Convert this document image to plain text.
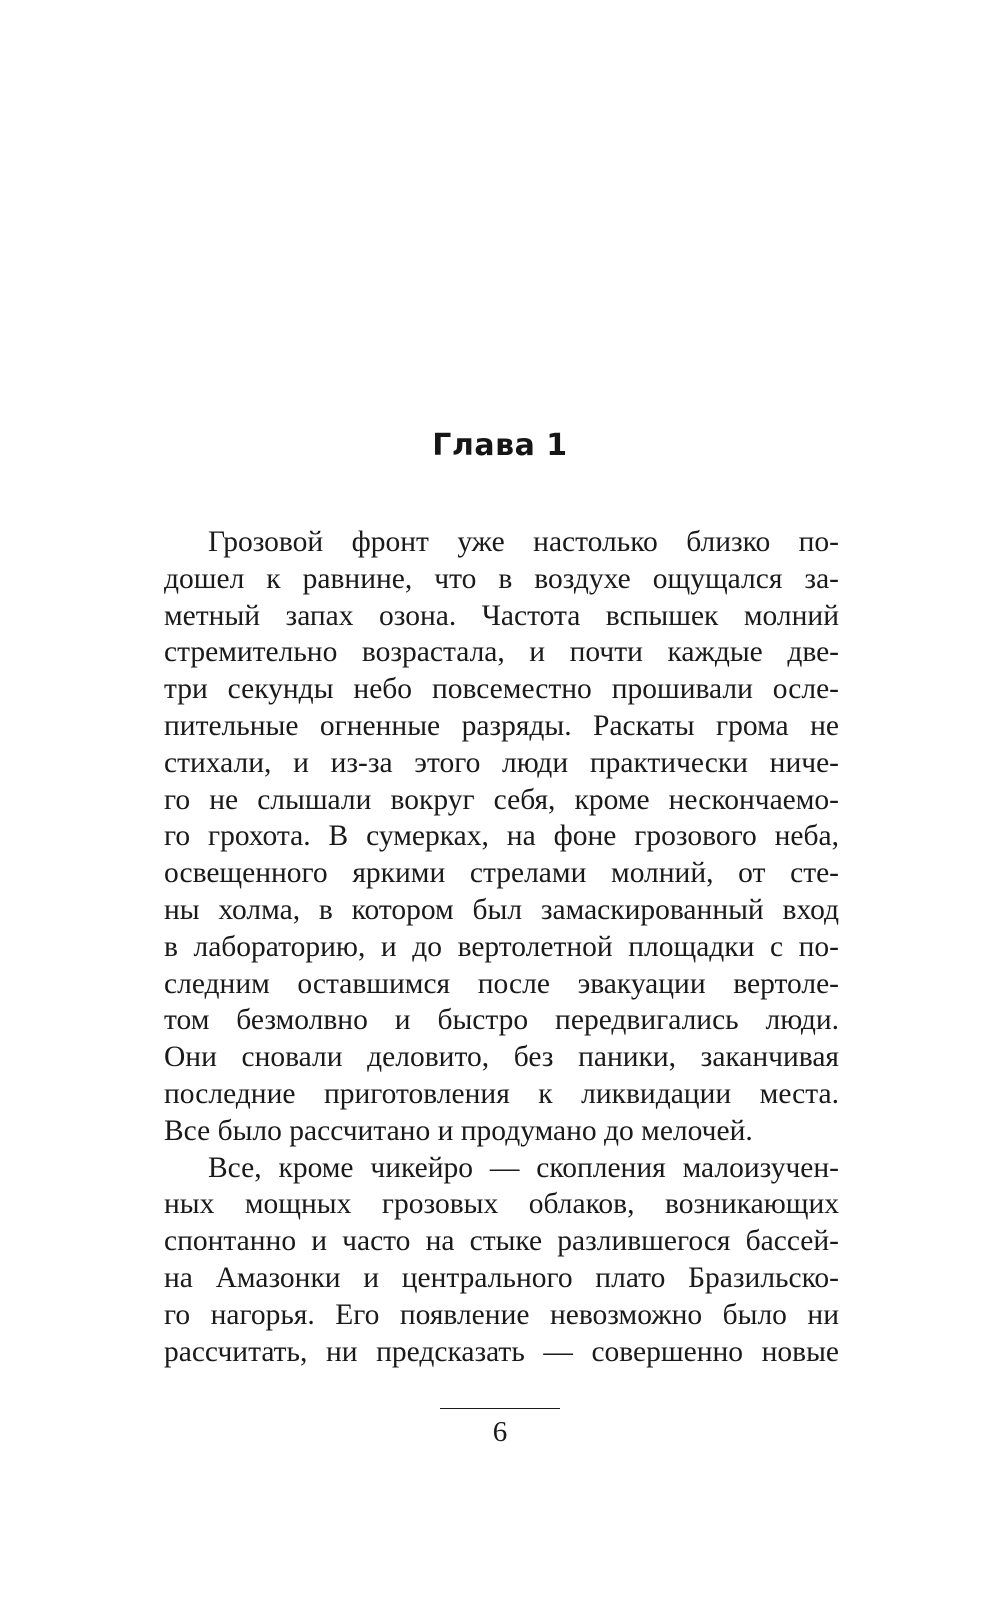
Глава 1
Грозовой фронт уже настолько близко по-
дошел к равнине, что в воздухе ощущался за-
метный запах озона. Частота вспышек молний
стремительно возрастала, и почти каждые две-
три секунды небо повсеместно прошивали осле-
пительные огненные разряды. Раскаты грома не
стихали, и из-за этого люди практически ниче-
го не слышали вокруг себя, кроме нескончаемо-
го грохота. В сумерках, на фоне грозового неба,
освещенного яркими стрелами молний, от сте-
ны холма, в котором был замаскированный вход
в лабораторию, и до вертолетной площадки с по-
следним оставшимся после эвакуации вертоле-
том безмолвно и быстро передвигались люди.
Они сновали деловито, без паники, заканчивая
последние приготовления к ликвидации места.
Все было рассчитано и продумано до мелочей.
Все, кроме чикейро — скопления малоизучен-
ных мощных грозовых облаков, возникающих
спонтанно и часто на стыке разлившегося бассей-
на Амазонки и центрального плато Бразильско-
го нагорья. Его появление невозможно было ни
рассчитать, ни предсказать — совершенно новые
6
